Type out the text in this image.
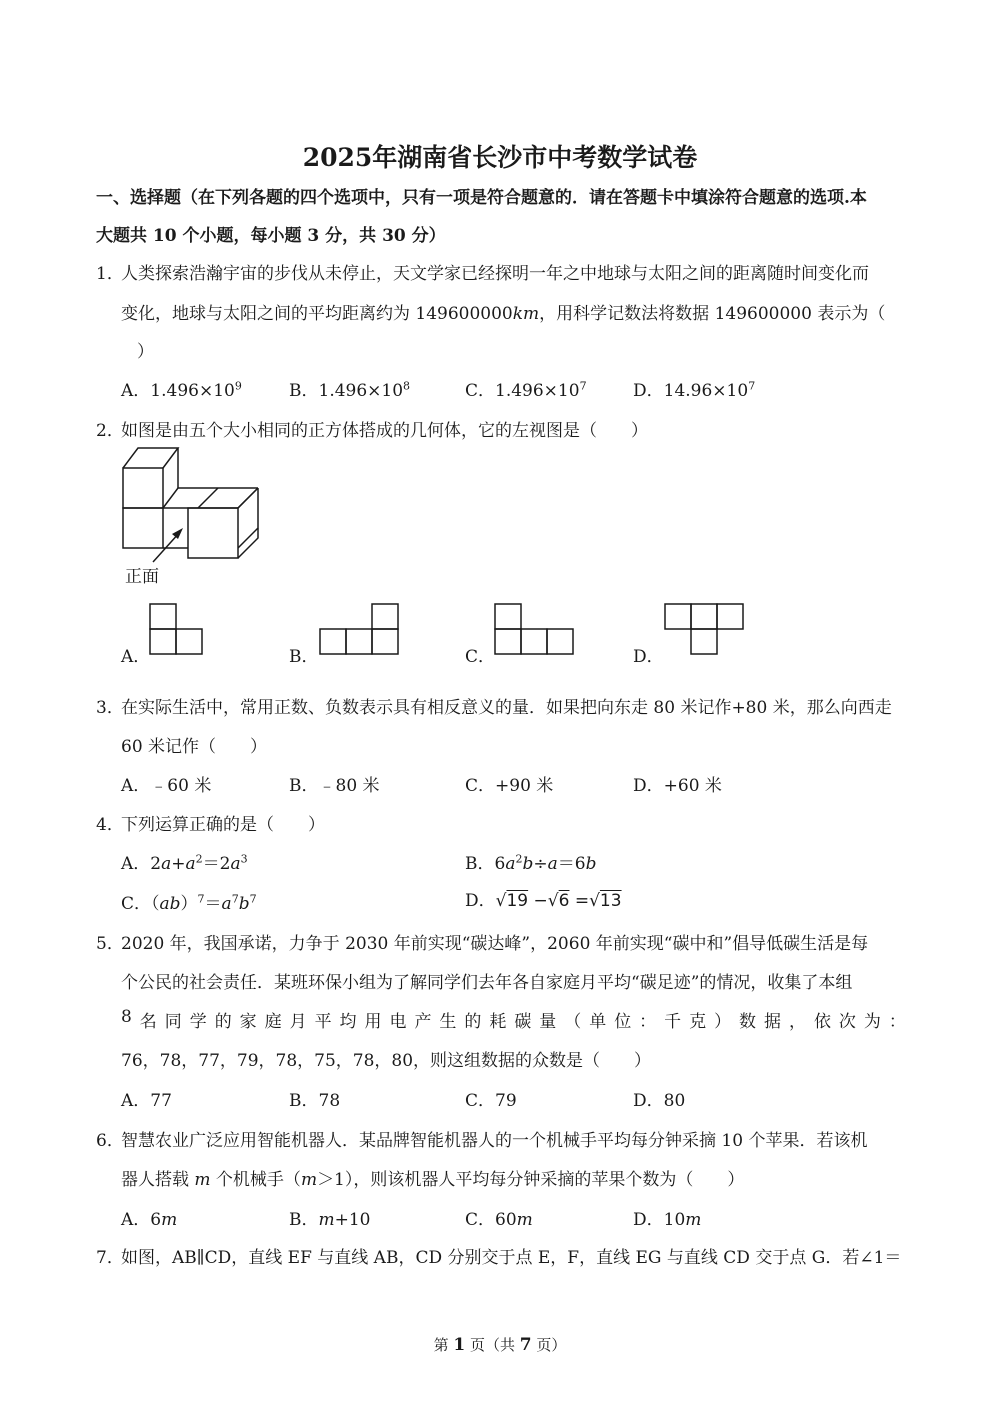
2025年湖南省长沙市中考数学试卷
一、选择题（在下列各题的四个选项中，只有一项是符合题意的．请在答题卡中填涂符合题意的选项.本
大题共 10 个小题，每小题 3 分，共 30 分）
1．
人类探索浩瀚宇宙的步伐从未停止，天文学家已经探明一年之中地球与太阳之间的距离随时间变化而
变化，地球与太阳之间的平均距离约为 149600000km，用科学记数法将数据 149600000 表示为（
）
A．$1.496\times 10^9$	B．$1.496\times 10^8$	C．$1.496\times 10^7$	D．$14.96\times 10^7$
2．
如图是由五个大小相同的正方体搭成的几何体，它的左视图是（　　）
正面
A．	B．	C．	D．
3．
在实际生活中，常用正数、负数表示具有相反意义的量．如果把向东走 80 米记作+80 米，那么向西走
60 米记作（　　）
A．﹣60 米	B．﹣80 米	C．+90 米	D．+60 米
4．
下列运算正确的是（　　）
A．$2a+a^2=2a^3$	B．$6a^2b\div a=6b$
C．$(ab)^7=a^7b^7$	D．√19 −√6 =√13
5．
2020 年，我国承诺，力争于 2030 年前实现“碳达峰”，2060 年前实现“碳中和”倡导低碳生活是每
个公民的社会责任．某班环保小组为了解同学们去年各自家庭月平均“碳足迹”的情况，收集了本组
8 名 同 学 的 家 庭 月 平 均 用 电 产 生 的 耗 碳 量 （ 单 位 ： 千 克 ） 数 据 ， 依 次 为 ：
76，78，77，79，78，75，78，80，则这组数据的众数是（　　）
A．77	B．78	C．79	D．80
6．
智慧农业广泛应用智能机器人．某品牌智能机器人的一个机械手平均每分钟采摘 10 个苹果．若该机
器人搭载 m 个机械手（m＞1），则该机器人平均每分钟采摘的苹果个数为（　　）
A．6m	B．m+10	C．60m	D．10m
7．
如图，AB∥CD，直线 EF 与直线 AB，CD 分别交于点 E，F，直线 EG 与直线 CD 交于点 G．若∠1＝
第 1 页（共 7 页）
